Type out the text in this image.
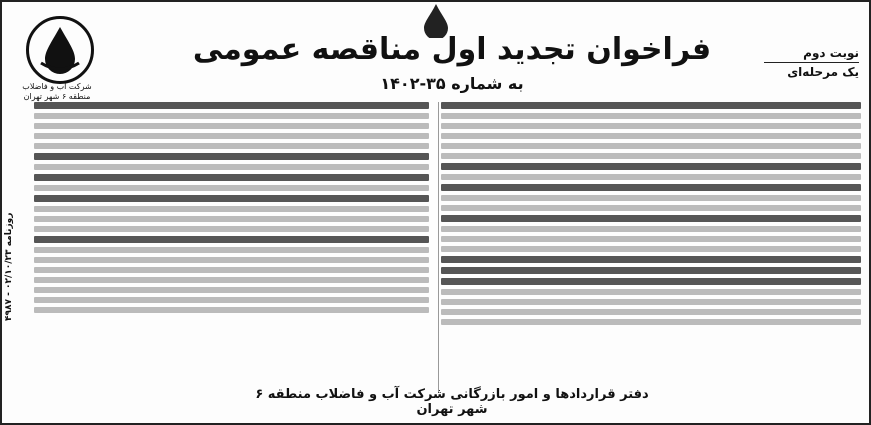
شرکت آب و فاضلاب منطقه ۶ شهر تهران
فراخوان تجدید اول مناقصه عمومی
به شماره ۳۵-۱۴۰۲
نوبت دوم
یک مرحله‌ای
روزنامه ۰۲/۱۰/۲۳ - ۴۹۸۷
دفتر قراردادها و امور بازرگانی شرکت آب و فاضلاب منطقه ۶ شهر تهران
